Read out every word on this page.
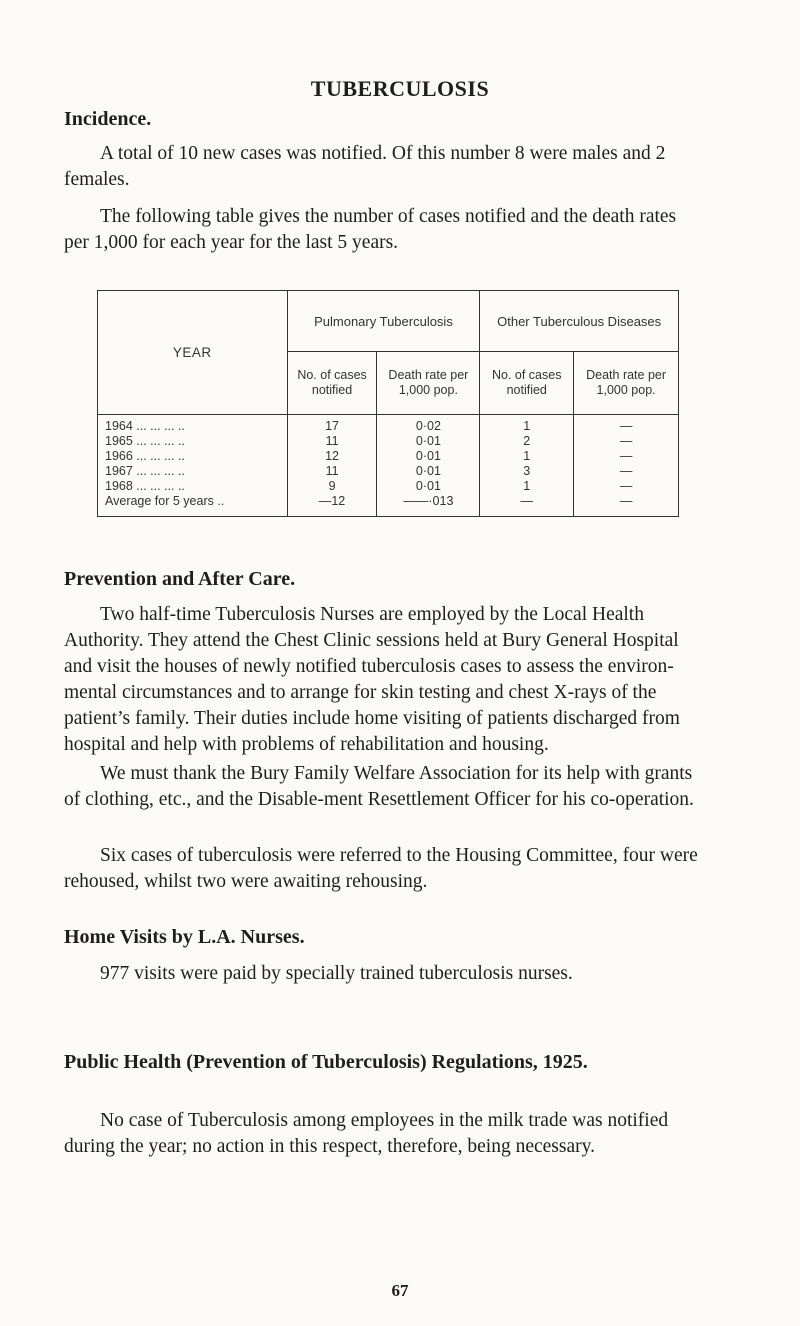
TUBERCULOSIS
Incidence.

A total of 10 new cases was notified. Of this number 8 were males and 2 females.

The following table gives the number of cases notified and the death rates per 1,000 for each year for the last 5 years.

YEAR	Pulmonary Tuberculosis		Other Tuberculous Diseases	
	No. of cases notified	Death rate per 1,000 pop.	No. of cases notified	Death rate per 1,000 pop.
1964 ... ... ... ..	17	0·02	1	—
1965 ... ... ... ..	11	0·01	2	—
1966 ... ... ... ..	12	0·01	1	—
1967 ... ... ... ..	11	0·01	3	—
1968 ... ... ... ..	9	0·01	1	—
Average for 5 years ..	—12	——·013	—	—
Prevention and After Care.

Two half-time Tuberculosis Nurses are employed by the Local Health Authority. They attend the Chest Clinic sessions held at Bury General Hospital and visit the houses of newly notified tuberculosis cases to assess the environ-mental circumstances and to arrange for skin testing and chest X-rays of the patient’s family. Their duties include home visiting of patients discharged from hospital and help with problems of rehabilitation and housing.

We must thank the Bury Family Welfare Association for its help with grants of clothing, etc., and the Disable-ment Resettlement Officer for his co-operation.

Six cases of tuberculosis were referred to the Housing Committee, four were rehoused, whilst two were awaiting rehousing.

Home Visits by L.A. Nurses.

977 visits were paid by specially trained tuberculosis nurses.

Public Health (Prevention of Tuberculosis) Regulations, 1925.

No case of Tuberculosis among employees in the milk trade was notified during the year; no action in this respect, therefore, being necessary.

67
